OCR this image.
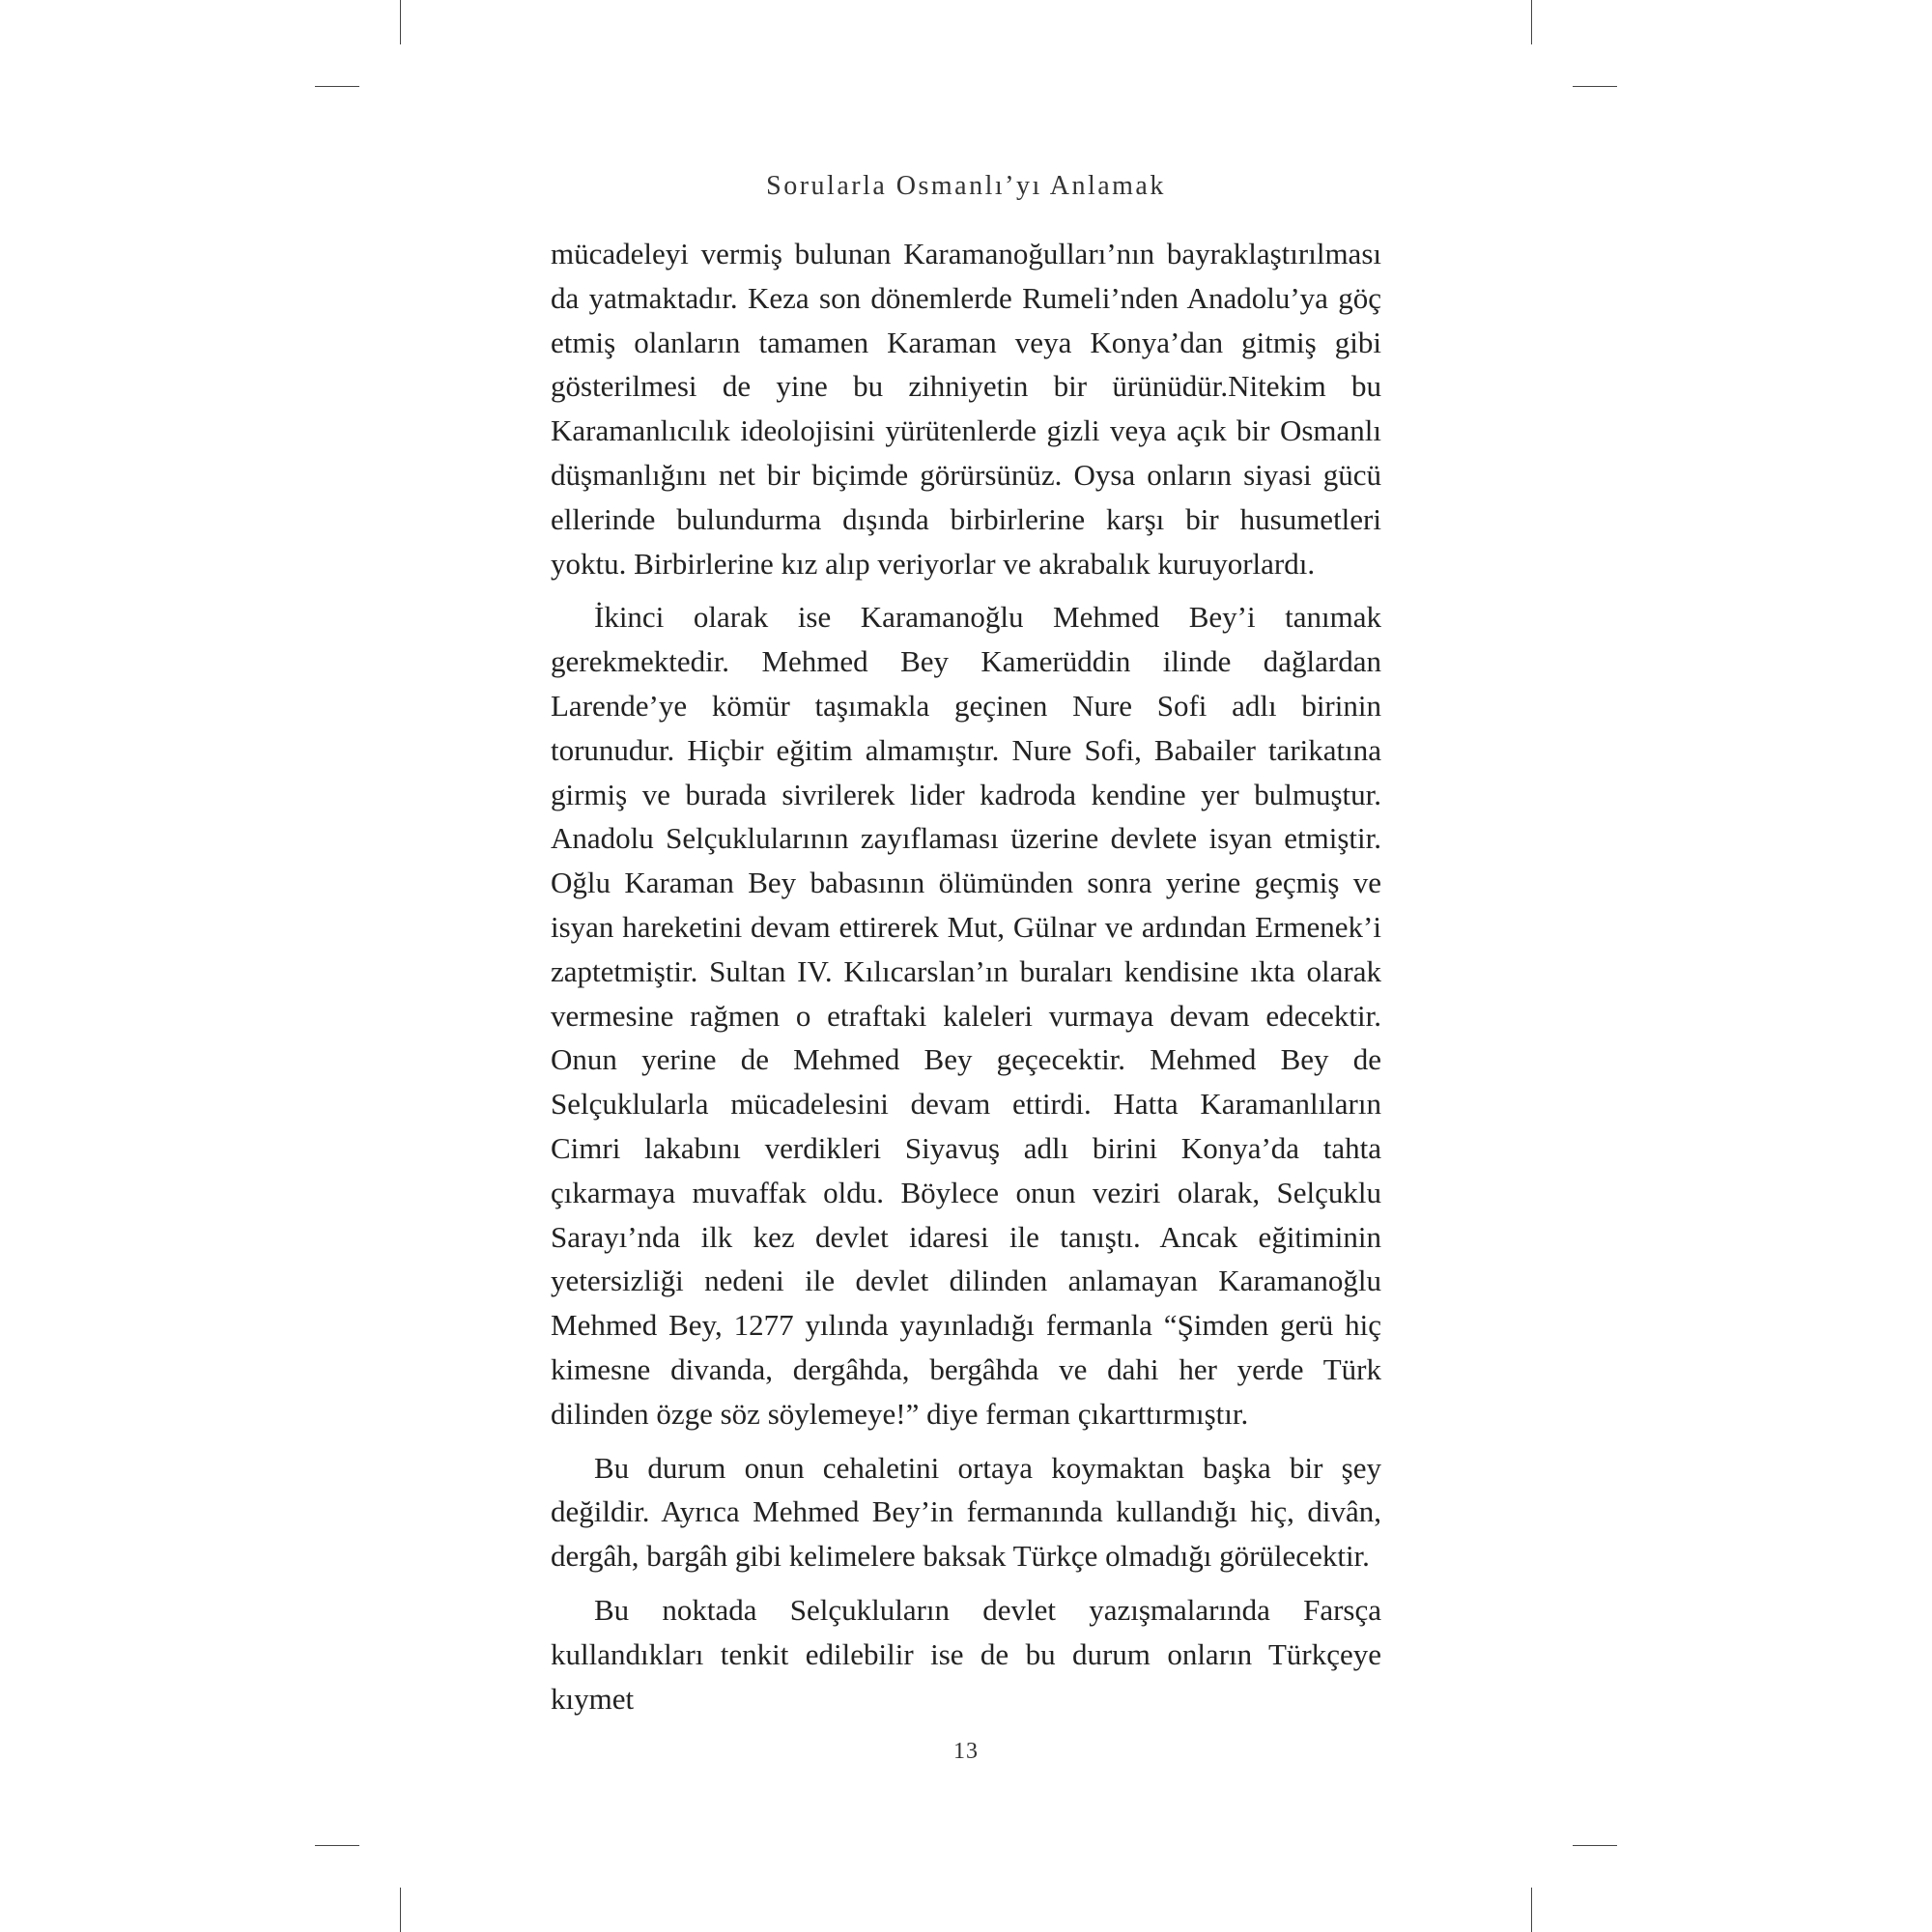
Sorularla Osmanlı’yı Anlamak

mücadeleyi vermiş bulunan Karamanoğulları’nın bayraklaştırılması da yatmaktadır. Keza son dönemlerde Rumeli’nden Anadolu’ya göç etmiş olanların tamamen Karaman veya Konya’dan gitmiş gibi gösterilmesi de yine bu zihniyetin bir ürünüdür.Nitekim bu Karamanlıcılık ideolojisini yürütenlerde gizli veya açık bir Osmanlı düşmanlığını net bir biçimde görürsünüz. Oysa onların siyasi gücü ellerinde bulundurma dışında birbirlerine karşı bir husumetleri yoktu. Birbirlerine kız alıp veriyorlar ve akrabalık kuruyorlardı.

İkinci olarak ise Karamanoğlu Mehmed Bey’i tanımak gerekmektedir. Mehmed Bey Kamerüddin ilinde dağlardan Larende’ye kömür taşımakla geçinen Nure Sofi adlı birinin torunudur. Hiçbir eğitim almamıştır. Nure Sofi, Babailer tarikatına girmiş ve burada sivrilerek lider kadroda kendine yer bulmuştur. Anadolu Selçuklularının zayıflaması üzerine devlete isyan etmiştir. Oğlu Karaman Bey babasının ölümünden sonra yerine geçmiş ve isyan hareketini devam ettirerek Mut, Gülnar ve ardından Ermenek’i zaptetmiştir. Sultan IV. Kılıcarslan’ın buraları kendisine ıkta olarak vermesine rağmen o etraftaki kaleleri vurmaya devam edecektir. Onun yerine de Mehmed Bey geçecektir. Mehmed Bey de Selçuklularla mücadelesini devam ettirdi. Hatta Karamanlıların Cimri lakabını verdikleri Siyavuş adlı birini Konya’da tahta çıkarmaya muvaffak oldu. Böylece onun veziri olarak, Selçuklu Sarayı’nda ilk kez devlet idaresi ile tanıştı. Ancak eğitiminin yetersizliği nedeni ile devlet dilinden anlamayan Karamanoğlu Mehmed Bey, 1277 yılında yayınladığı fermanla “Şimden gerü hiç kimesne divanda, dergâhda, bergâhda ve dahi her yerde Türk dilinden özge söz söylemeye!” diye ferman çıkarttırmıştır.

Bu durum onun cehaletini ortaya koymaktan başka bir şey değildir. Ayrıca Mehmed Bey’in fermanında kullandığı hiç, divân, dergâh, bargâh gibi kelimelere baksak Türkçe olmadığı görülecektir.

Bu noktada Selçukluların devlet yazışmalarında Farsça kullandıkları tenkit edilebilir ise de bu durum onların Türkçeye kıymet

13
